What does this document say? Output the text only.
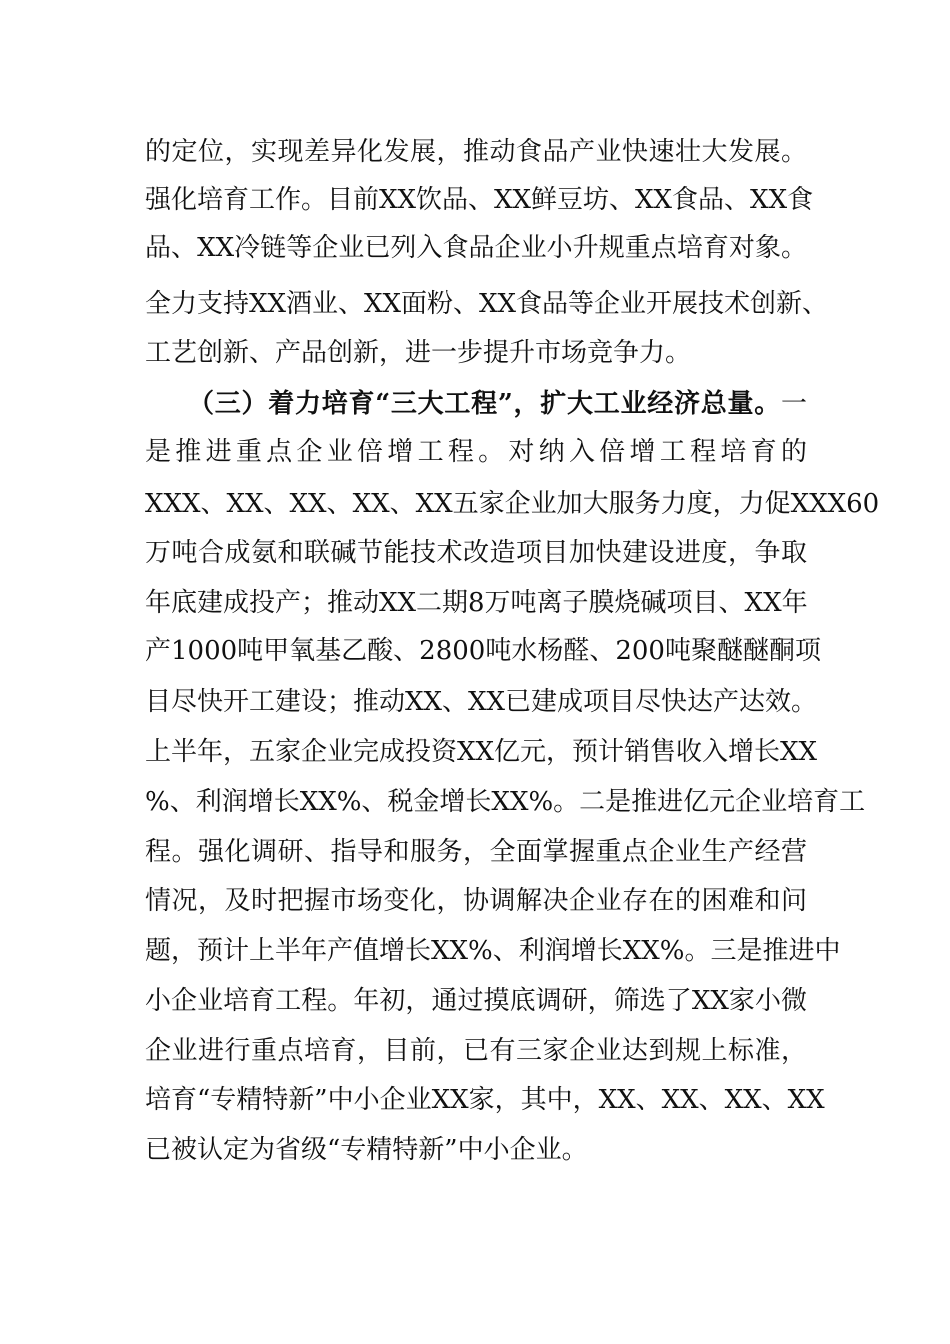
的定位，实现差异化发展，推动食品产业快速壮大发展。
强化培育工作。目前XX饮品、XX鲜豆坊、XX食品、XX食
品、XX冷链等企业已列入食品企业小升规重点培育对象。
全力支持XX酒业、XX面粉、XX食品等企业开展技术创新、
工艺创新、产品创新，进一步提升市场竞争力。
（三）着力培育“三大工程”，扩大工业经济总量。一
是推进重点企业倍增工程。对纳入倍增工程培育的
XXX、XX、XX、XX、XX五家企业加大服务力度，力促XXX60
万吨合成氨和联碱节能技术改造项目加快建设进度，争取
年底建成投产；推动XX二期8万吨离子膜烧碱项目、XX年
产1000吨甲氧基乙酸、2800吨水杨醛、200吨聚醚醚酮项
目尽快开工建设；推动XX、XX已建成项目尽快达产达效。
上半年，五家企业完成投资XX亿元，预计销售收入增长XX
%、利润增长XX%、税金增长XX%。二是推进亿元企业培育工
程。强化调研、指导和服务，全面掌握重点企业生产经营
情况，及时把握市场变化，协调解决企业存在的困难和问
题，预计上半年产值增长XX%、利润增长XX%。三是推进中
小企业培育工程。年初，通过摸底调研，筛选了XX家小微
企业进行重点培育，目前，已有三家企业达到规上标准，
培育“专精特新”中小企业XX家，其中，XX、XX、XX、XX
已被认定为省级“专精特新”中小企业。
